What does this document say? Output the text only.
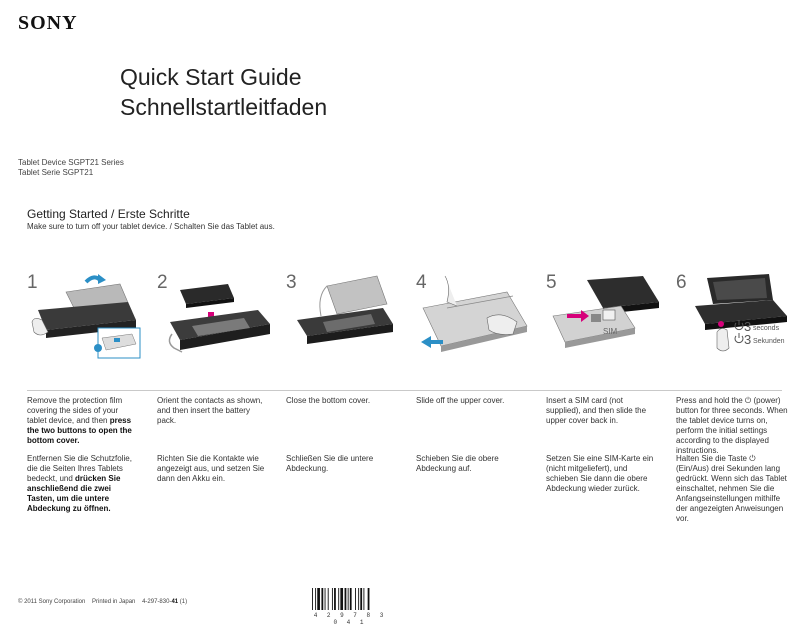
SONY
Quick Start Guide
Schnellstartleitfaden
Tablet Device SGPT21 Series
Tablet Serie SGPT21
Getting Started / Erste Schritte
Make sure to turn off your tablet device. / Schalten Sie das Tablet aus.
1	2	3	4	5	6
SIM	3 seconds
3 Sekunden
Remove the protection film covering the sides of your tablet device, and then press the two buttons to open the bottom cover.
Orient the contacts as shown, and then insert the battery pack.
Close the bottom cover.	Slide off the upper cover.	Insert a SIM card (not supplied), and then slide the upper cover back in.
Press and hold the ⏻ (power) button for three seconds. When the tablet device turns on, perform the initial settings according to the displayed instructions.
Entfernen Sie die Schutzfolie, die die Seiten Ihres Tablets bedeckt, und drücken Sie anschließend die zwei Tasten, um die untere Abdeckung zu öffnen.
Richten Sie die Kontakte wie angezeigt aus, und setzen Sie dann den Akku ein.
Schließen Sie die untere Abdeckung.
Schieben Sie die obere Abdeckung auf.
Setzen Sie eine SIM-Karte ein (nicht mitgeliefert), und schieben Sie dann die obere Abdeckung wieder zurück.
Halten Sie die Taste ⏻ (Ein/Aus) drei Sekunden lang gedrückt. Wenn sich das Tablet einschaltet, nehmen Sie die Anfangseinstellungen mithilfe der angezeigten Anweisungen vor.
© 2011 Sony Corporation Printed in Japan 4-297-830-41 (1)
4 2 9 7 8 3 0 4 1
